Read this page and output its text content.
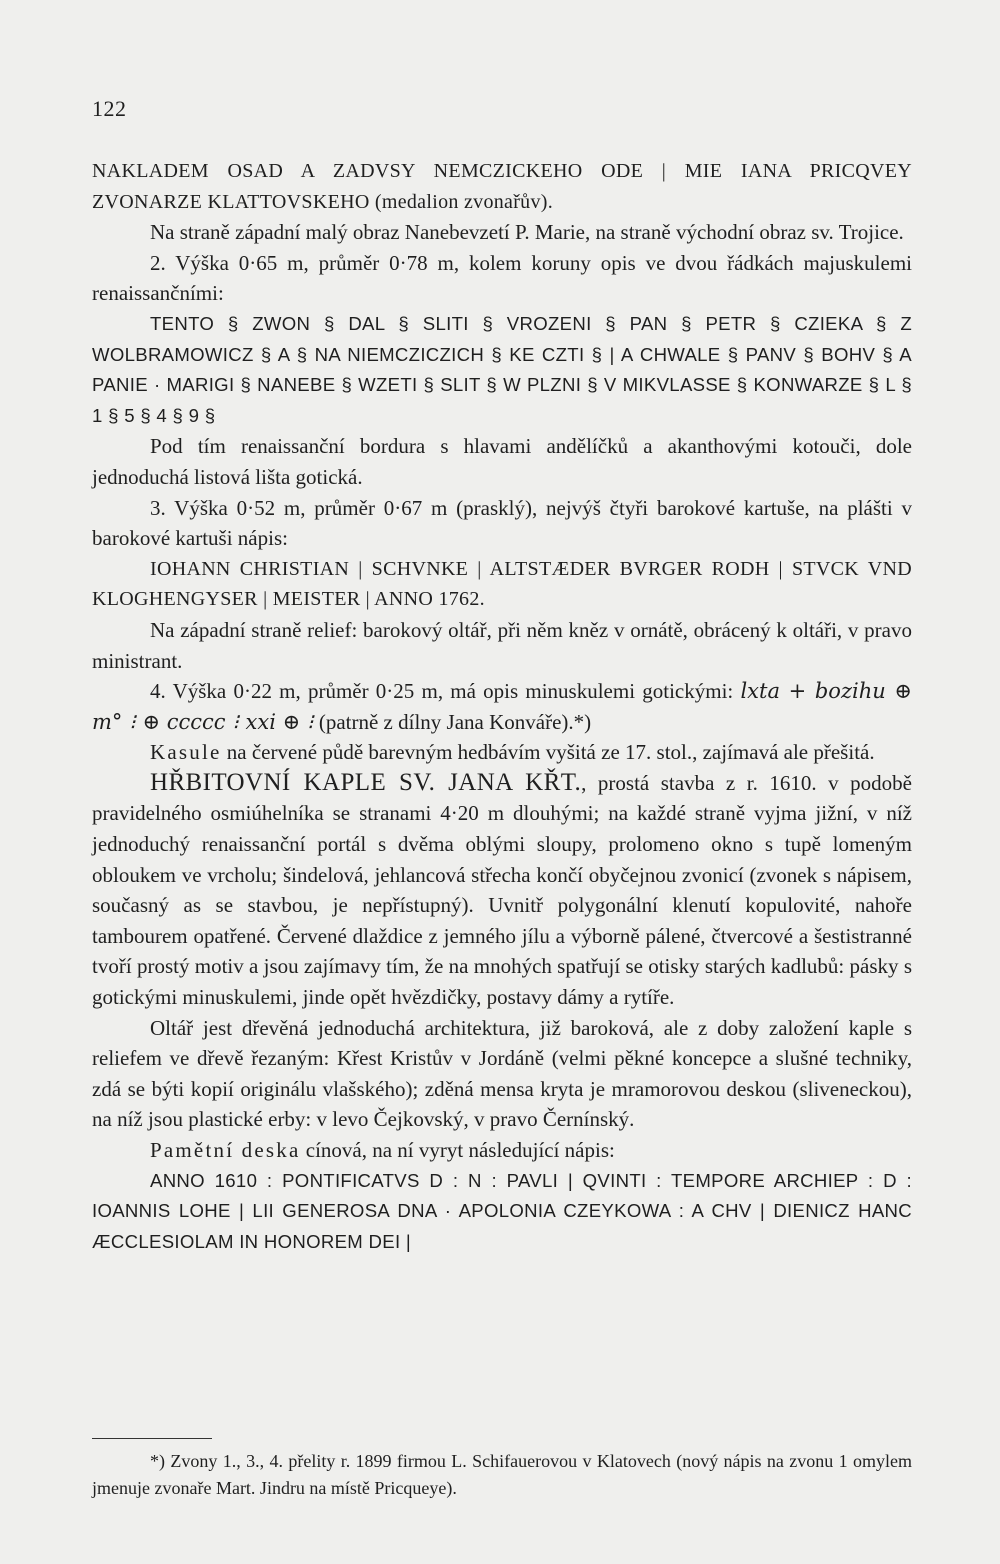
122

NAKLADEM OSAD A ZADVSY NEMCZICKEHO ODE | MIE IANA PRICQVEY

ZVONARZE KLATTOVSKEHO (medalion zvonařův).

Na straně západní malý obraz Nanebevzetí P. Marie, na straně východní obraz sv. Trojice.

2. Výška 0·65 m, průměr 0·78 m, kolem koruny opis ve dvou řádkách majuskulemi renaissančními:

TENTO § ZWON § DAL § SLITI § VROZENI § PAN § PETR § CZIEKA § Z WOLBRAMOWICZ § A § NA NIEMCZICZICH § KE CZTI § | A CHWALE § PANV § BOHV § A PANIE · MARIGI § NANEBE § WZETI § SLIT § W PLZNI § V MIKVLASSE § KONWARZE § L § 1 § 5 § 4 § 9 §

Pod tím renaissanční bordura s hlavami andělíčků a akanthovými kotouči, dole jednoduchá listová lišta gotická.

3. Výška 0·52 m, průměr 0·67 m (prasklý), nejvýš čtyři barokové kartuše, na plášti v barokové kartuši nápis:

IOHANN CHRISTIAN | SCHVNKE | ALTSTÆDER BVRGER RODH | STVCK VND KLOGHENGYSER | MEISTER | ANNO 1762.

Na západní straně relief: barokový oltář, při něm kněz v ornátě, obrácený k oltáři, v pravo ministrant.

4. Výška 0·22 m, průměr 0·25 m, má opis minuskulemi gotickými: lxta + bozihu ⊕ m° ⁝ ⊕ ccccc ⁝ xxi ⊕ ⁝ (patrně z dílny Jana Konváře).*)

Kasule na červené půdě barevným hedbávím vyšitá ze 17. stol., zajímavá ale přešitá.

HŘBITOVNÍ KAPLE SV. JANA KŘT., prostá stavba z r. 1610. v podobě pravidelného osmiúhelníka se stranami 4·20 m dlouhými; na každé straně vyjma jižní, v níž jednoduchý renaissanční portál s dvěma oblými sloupy, prolomeno okno s tupě lomeným obloukem ve vrcholu; šindelová, jehlancová střecha končí obyčejnou zvonicí (zvonek s nápisem, současný as se stavbou, je nepřístupný). Uvnitř polygonální klenutí kopulovité, nahoře tambourem opatřené. Červené dlaždice z jemného jílu a výborně pálené, čtvercové a šestistranné tvoří prostý motiv a jsou zajímavy tím, že na mnohých spatřují se otisky starých kadlubů: pásky s gotickými minuskulemi, jinde opět hvězdičky, postavy dámy a rytíře.

Oltář jest dřevěná jednoduchá architektura, již baroková, ale z doby založení kaple s reliefem ve dřevě řezaným: Křest Kristův v Jordáně (velmi pěkné koncepce a slušné techniky, zdá se býti kopií originálu vlašského); zděná mensa kryta je mramorovou deskou (sliveneckou), na níž jsou plastické erby: v levo Čejkovský, v pravo Černínský.

Pamětní deska cínová, na ní vyryt následující nápis:

ANNO 1610 : PONTIFICATVS D : N : PAVLI | QVINTI : TEMPORE ARCHIEP : D : IOANNIS LOHE | LII GENEROSA DNA · APOLONIA CZEYKOWA : A CHV | DIENICZ HANC ÆCCLESIOLAM IN HONOREM DEI |

*) Zvony 1., 3., 4. přelity r. 1899 firmou L. Schifauerovou v Klatovech (nový nápis na zvonu 1 omylem jmenuje zvonaře Mart. Jindru na místě Pricqueye).
